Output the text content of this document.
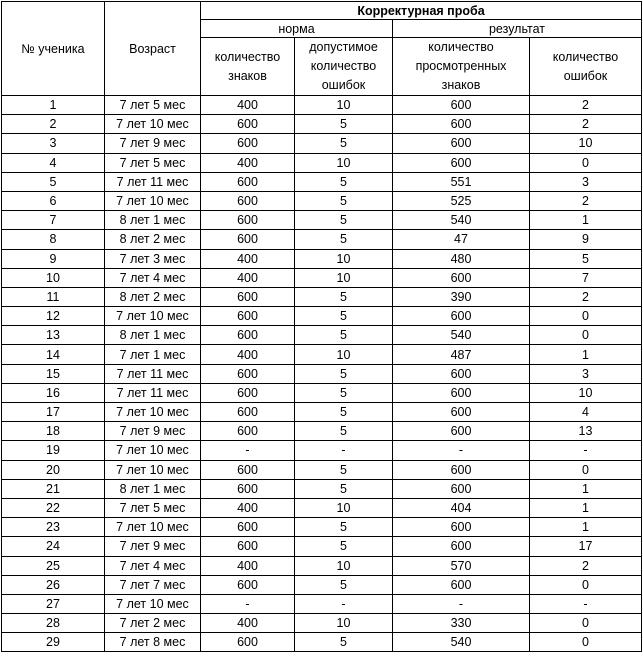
№ ученика	Возраст	Корректурная проба			
		норма		результат	
		количество знаков	допустимое количество ошибок	количество просмотренных знаков	количество ошибок
1	7 лет 5 мес	400	10	600	2
2	7 лет 10 мес	600	5	600	2
3	7 лет 9 мес	600	5	600	10
4	7 лет 5 мес	400	10	600	0
5	7 лет 11 мес	600	5	551	3
6	7 лет 10 мес	600	5	525	2
7	8 лет 1 мес	600	5	540	1
8	8 лет 2 мес	600	5	47	9
9	7 лет 3 мес	400	10	480	5
10	7 лет 4 мес	400	10	600	7
11	8 лет 2 мес	600	5	390	2
12	7 лет 10 мес	600	5	600	0
13	8 лет 1 мес	600	5	540	0
14	7 лет 1 мес	400	10	487	1
15	7 лет 11 мес	600	5	600	3
16	7 лет 11 мес	600	5	600	10
17	7 лет 10 мес	600	5	600	4
18	7 лет 9 мес	600	5	600	13
19	7 лет 10 мес	-	-	-	-
20	7 лет 10 мес	600	5	600	0
21	8 лет 1 мес	600	5	600	1
22	7 лет 5 мес	400	10	404	1
23	7 лет 10 мес	600	5	600	1
24	7 лет 9 мес	600	5	600	17
25	7 лет 4 мес	400	10	570	2
26	7 лет 7 мес	600	5	600	0
27	7 лет 10 мес	-	-	-	-
28	7 лет 2 мес	400	10	330	0
29	7 лет 8 мес	600	5	540	0
